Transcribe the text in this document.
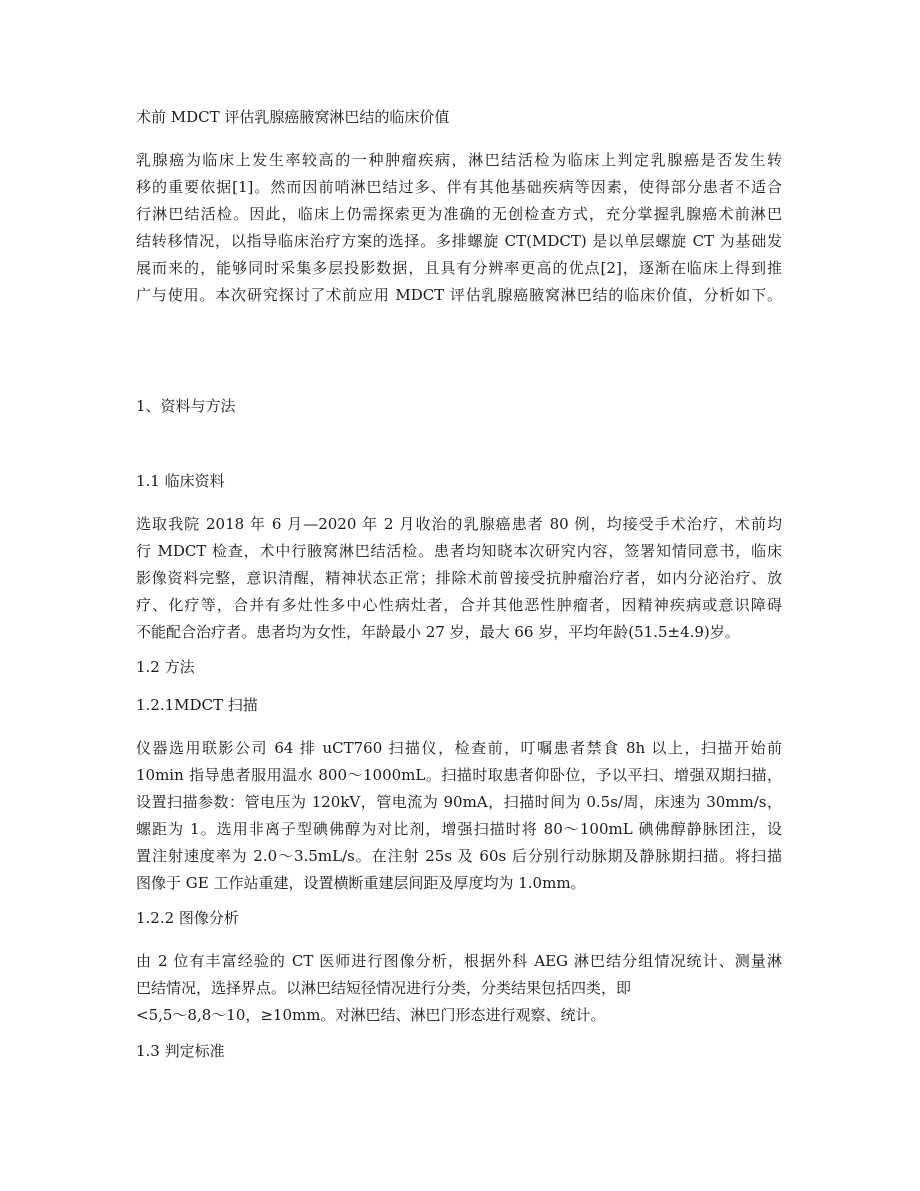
术前 MDCT 评估乳腺癌腋窝淋巴结的临床价值
乳腺癌为临床上发生率较高的一种肿瘤疾病，淋巴结活检为临床上判定乳腺癌是否发生转
移的重要依据[1]。然而因前哨淋巴结过多、伴有其他基础疾病等因素，使得部分患者不适合
行淋巴结活检。因此，临床上仍需探索更为准确的无创检查方式，充分掌握乳腺癌术前淋巴
结转移情况，以指导临床治疗方案的选择。多排螺旋 CT(MDCT) 是以单层螺旋 CT 为基础发
展而来的，能够同时采集多层投影数据，且具有分辨率更高的优点[2]，逐渐在临床上得到推
广与使用。本次研究探讨了术前应用 MDCT 评估乳腺癌腋窝淋巴结的临床价值，分析如下。
1、资料与方法
1.1 临床资料
选取我院 2018 年 6 月—2020 年 2 月收治的乳腺癌患者 80 例，均接受手术治疗，术前均
行 MDCT 检查，术中行腋窝淋巴结活检。患者均知晓本次研究内容，签署知情同意书，临床
影像资料完整，意识清醒，精神状态正常；排除术前曾接受抗肿瘤治疗者，如内分泌治疗、放
疗、化疗等，合并有多灶性多中心性病灶者，合并其他恶性肿瘤者，因精神疾病或意识障碍
不能配合治疗者。患者均为女性，年龄最小 27 岁，最大 66 岁，平均年龄(51.5±4.9)岁。
1.2 方法
1.2.1MDCT 扫描
仪器选用联影公司 64 排 uCT760 扫描仪，检查前，叮嘱患者禁食 8h 以上，扫描开始前
10min 指导患者服用温水 800～1000mL。扫描时取患者仰卧位，予以平扫、增强双期扫描，
设置扫描参数：管电压为 120kV，管电流为 90mA，扫描时间为 0.5s/周，床速为 30mm/s，
螺距为 1。选用非离子型碘佛醇为对比剂，增强扫描时将 80～100mL 碘佛醇静脉团注，设
置注射速度率为 2.0～3.5mL/s。在注射 25s 及 60s 后分别行动脉期及静脉期扫描。将扫描
图像于 GE 工作站重建，设置横断重建层间距及厚度均为 1.0mm。
1.2.2 图像分析
由 2 位有丰富经验的 CT 医师进行图像分析，根据外科 AEG 淋巴结分组情况统计、测量淋
巴结情况，选择界点。以淋巴结短径情况进行分类，分类结果包括四类，即
<5,5～8,8～10，≥10mm。对淋巴结、淋巴门形态进行观察、统计。
1.3 判定标准
